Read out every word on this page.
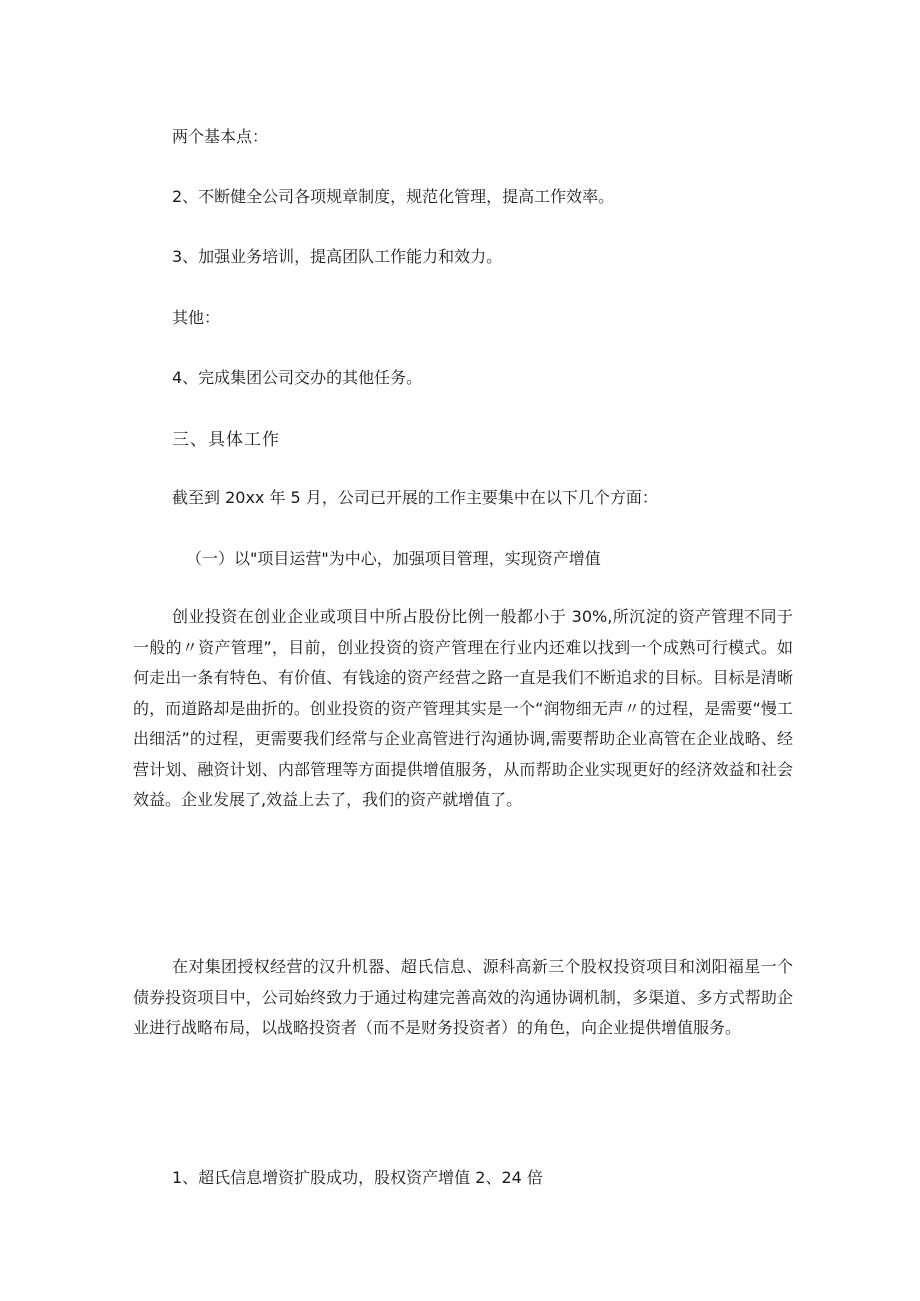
两个基本点：
2、不断健全公司各项规章制度，规范化管理，提高工作效率。
3、加强业务培训，提高团队工作能力和效力。
其他：
4、完成集团公司交办的其他任务。
三、具体工作
截至到 20xx 年 5 月，公司已开展的工作主要集中在以下几个方面：
（一）以"项目运营"为中心，加强项目管理，实现资产增值
创业投资在创业企业或项目中所占股份比例一般都小于 30%,所沉淀的资产管理不同于一般的〃资产管理”，目前，创业投资的资产管理在行业内还难以找到一个成熟可行模式。如何走出一条有特色、有价值、有钱途的资产经营之路一直是我们不断追求的目标。目标是清晰的，而道路却是曲折的。创业投资的资产管理其实是一个“润物细无声〃的过程，是需要“慢工出细活”的过程，更需要我们经常与企业高管进行沟通协调,需要帮助企业高管在企业战略、经营计划、融资计划、内部管理等方面提供增值服务，从而帮助企业实现更好的经济效益和社会效益。企业发展了,效益上去了，我们的资产就增值了。
在对集团授权经营的汉升机器、超氏信息、源科高新三个股权投资项目和浏阳福星一个债券投资项目中，公司始终致力于通过构建完善高效的沟通协调机制，多渠道、多方式帮助企业进行战略布局，以战略投资者（而不是财务投资者）的角色，向企业提供增值服务。
1、超氏信息增资扩股成功，股权资产增值 2、24 倍
